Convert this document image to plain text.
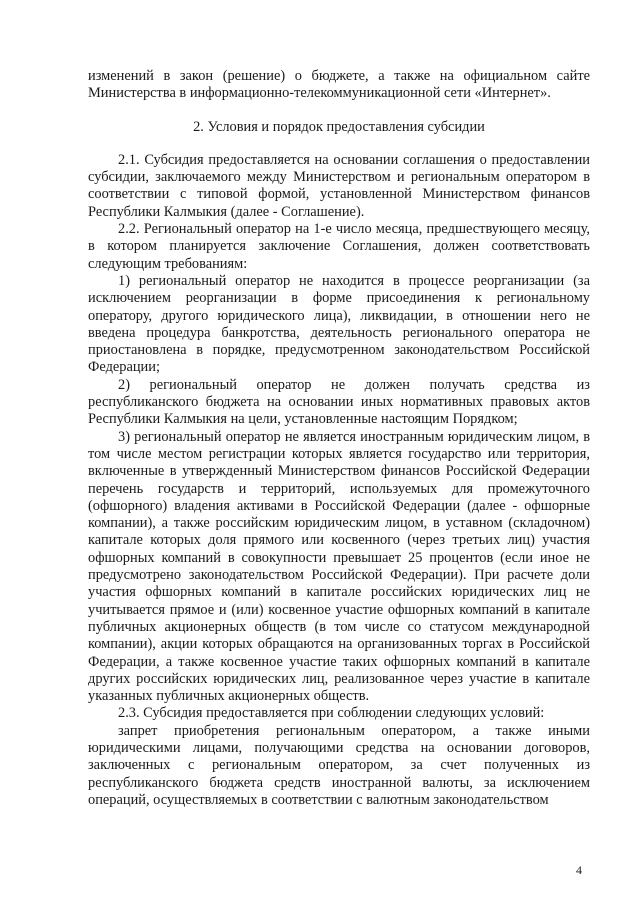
изменений в закон (решение) о бюджете, а также на официальном сайте Министерства в информационно-телекоммуникационной сети «Интернет».

2. Условия и порядок предоставления субсидии

2.1. Субсидия предоставляется на основании соглашения о предоставлении субсидии, заключаемого между Министерством и региональным оператором в соответствии с типовой формой, установленной Министерством финансов Республики Калмыкия (далее - Соглашение).

2.2. Региональный оператор на 1-е число месяца, предшествующего месяцу, в котором планируется заключение Соглашения, должен соответствовать следующим требованиям:

1) региональный оператор не находится в процессе реорганизации (за исключением реорганизации в форме присоединения к региональному оператору, другого юридического лица), ликвидации, в отношении него не введена процедура банкротства, деятельность регионального оператора не приостановлена в порядке, предусмотренном законодательством Российской Федерации;

2) региональный оператор не должен получать средства из республиканского бюджета на основании иных нормативных правовых актов Республики Калмыкия на цели, установленные настоящим Порядком;

3) региональный оператор не является иностранным юридическим лицом, в том числе местом регистрации которых является государство или территория, включенные в утвержденный Министерством финансов Российской Федерации перечень государств и территорий, используемых для промежуточного (офшорного) владения активами в Российской Федерации (далее - офшорные компании), а также российским юридическим лицом, в уставном (складочном) капитале которых доля прямого или косвенного (через третьих лиц) участия офшорных компаний в совокупности превышает 25 процентов (если иное не предусмотрено законодательством Российской Федерации). При расчете доли участия офшорных компаний в капитале российских юридических лиц не учитывается прямое и (или) косвенное участие офшорных компаний в капитале публичных акционерных обществ (в том числе со статусом международной компании), акции которых обращаются на организованных торгах в Российской Федерации, а также косвенное участие таких офшорных компаний в капитале других российских юридических лиц, реализованное через участие в капитале указанных публичных акционерных обществ.

2.3. Субсидия предоставляется при соблюдении следующих условий:

запрет приобретения региональным оператором, а также иными юридическими лицами, получающими средства на основании договоров, заключенных с региональным оператором, за счет полученных из республиканского бюджета средств иностранной валюты, за исключением операций, осуществляемых в соответствии с валютным законодательством

4
